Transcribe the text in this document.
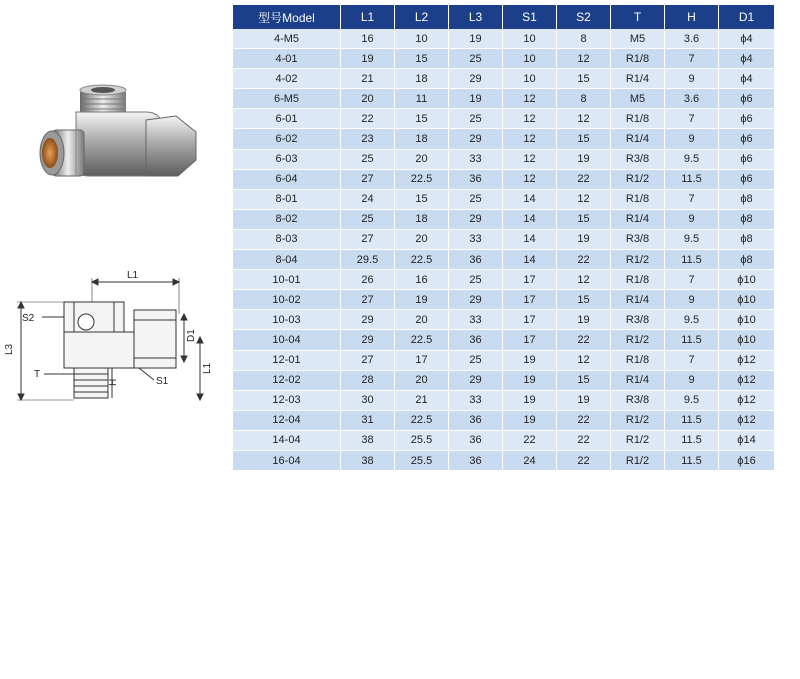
L1
S2
L3
T
H	S1
D1
L1
型号Model	L1	L2	L3	S1	S2	T	H	D1
4-M5	16	10	19	10	8	M5	3.6	ϕ4
4-01	19	15	25	10	12	R1/8	7	ϕ4
4-02	21	18	29	10	15	R1/4	9	ϕ4
6-M5	20	11	19	12	8	M5	3.6	ϕ6
6-01	22	15	25	12	12	R1/8	7	ϕ6
6-02	23	18	29	12	15	R1/4	9	ϕ6
6-03	25	20	33	12	19	R3/8	9.5	ϕ6
6-04	27	22.5	36	12	22	R1/2	11.5	ϕ6
8-01	24	15	25	14	12	R1/8	7	ϕ8
8-02	25	18	29	14	15	R1/4	9	ϕ8
8-03	27	20	33	14	19	R3/8	9.5	ϕ8
8-04	29.5	22.5	36	14	22	R1/2	11.5	ϕ8
10-01	26	16	25	17	12	R1/8	7	ϕ10
10-02	27	19	29	17	15	R1/4	9	ϕ10
10-03	29	20	33	17	19	R3/8	9.5	ϕ10
10-04	29	22.5	36	17	22	R1/2	11.5	ϕ10
12-01	27	17	25	19	12	R1/8	7	ϕ12
12-02	28	20	29	19	15	R1/4	9	ϕ12
12-03	30	21	33	19	19	R3/8	9.5	ϕ12
12-04	31	22.5	36	19	22	R1/2	11.5	ϕ12
14-04	38	25.5	36	22	22	R1/2	11.5	ϕ14
16-04	38	25.5	36	24	22	R1/2	11.5	ϕ16
